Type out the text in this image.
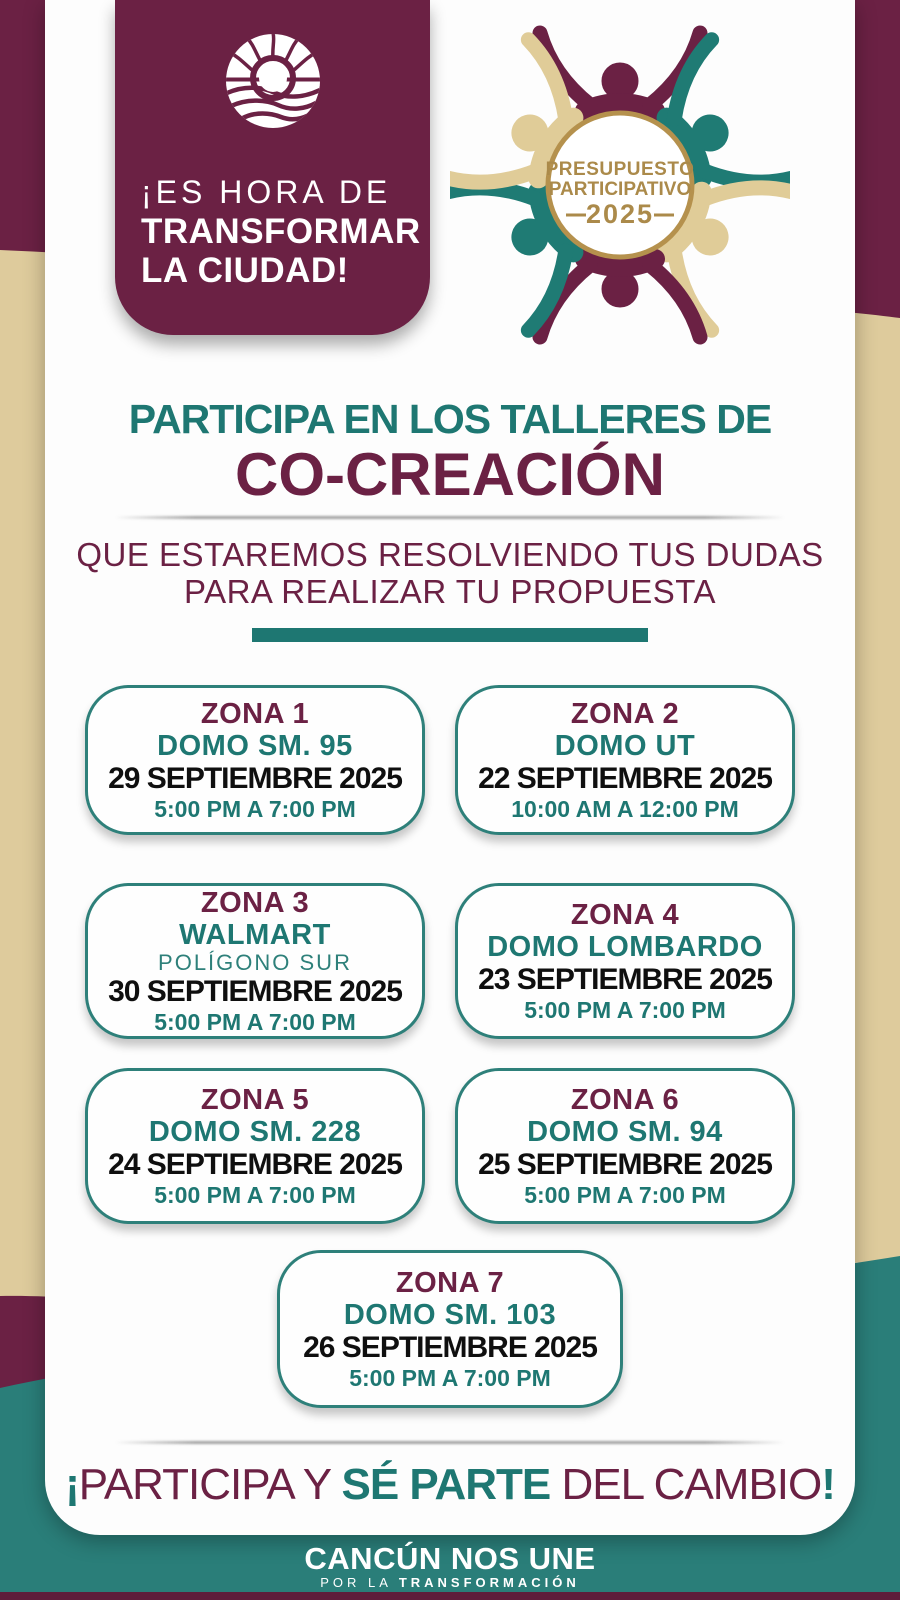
¡ES HORA DE
TRANSFORMAR
LA CIUDAD!
PRESUPUESTO
PARTICIPATIVO
2025
PARTICIPA EN LOS TALLERES DE
CO-CREACIÓN
QUE ESTAREMOS RESOLVIENDO TUS DUDAS
PARA REALIZAR TU PROPUESTA
ZONA 1
DOMO SM. 95
29 SEPTIEMBRE 2025
5:00 PM A 7:00 PM
ZONA 2
DOMO UT
22 SEPTIEMBRE 2025
10:00 AM A 12:00 PM
ZONA 3
WALMART
POLÍGONO SUR
30 SEPTIEMBRE 2025
5:00 PM A 7:00 PM
ZONA 4
DOMO LOMBARDO
23 SEPTIEMBRE 2025
5:00 PM A 7:00 PM
ZONA 5
DOMO SM. 228
24 SEPTIEMBRE 2025
5:00 PM A 7:00 PM
ZONA 6
DOMO SM. 94
25 SEPTIEMBRE 2025
5:00 PM A 7:00 PM
ZONA 7
DOMO SM. 103
26 SEPTIEMBRE 2025
5:00 PM A 7:00 PM
¡PARTICIPA Y SÉ PARTE DEL CAMBIO!
CANCÚN NOS UNE
POR LA TRANSFORMACIÓN
